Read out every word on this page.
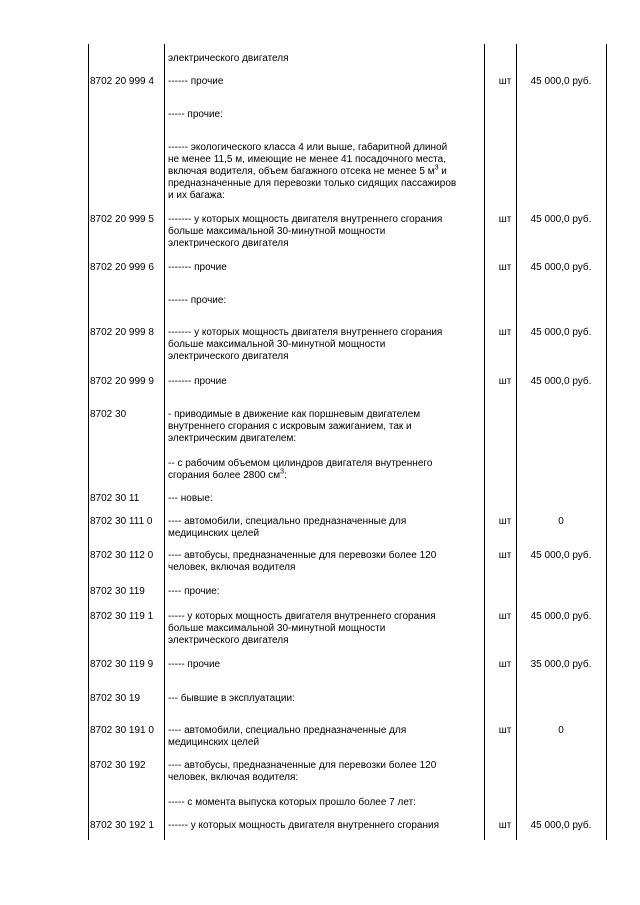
электрического двигателя
8702 20 999 4	------ прочие	шт	45 000,0 руб.
----- прочие:
------ экологического класса 4 или выше, габаритной длиной
не менее 11,5 м, имеющие не менее 41 посадочного места,
включая водителя, объем багажного отсека не менее 5 $м^3$ и
предназначенные для перевозки только сидящих пассажиров
и их багажа:
8702 20 999 5	------- у которых мощность двигателя внутреннего сгорания
больше максимальной 30-минутной мощности
электрического двигателя
шт	45 000,0 руб.
8702 20 999 6	------- прочие	шт	45 000,0 руб.
------ прочие:
8702 20 999 8	------- у которых мощность двигателя внутреннего сгорания
больше максимальной 30-минутной мощности
электрического двигателя
шт	45 000,0 руб.
8702 20 999 9	------- прочие	шт	45 000,0 руб.
8702 30	- приводимые в движение как поршневым двигателем
внутреннего сгорания с искровым зажиганием, так и
электрическим двигателем:
-- с рабочим объемом цилиндров двигателя внутреннего
сгорания более 2800 $см^3$:
8702 30 11	--- новые:
8702 30 111 0	---- автомобили, специально предназначенные для
медицинских целей
шт	0
8702 30 112 0	---- автобусы, предназначенные для перевозки более 120
человек, включая водителя
шт	45 000,0 руб.
8702 30 119	---- прочие:
8702 30 119 1	----- у которых мощность двигателя внутреннего сгорания
больше максимальной 30-минутной мощности
электрического двигателя
шт	45 000,0 руб.
8702 30 119 9	----- прочие	шт	35 000,0 руб.
8702 30 19	--- бывшие в эксплуатации:
8702 30 191 0	---- автомобили, специально предназначенные для
медицинских целей
шт	0
8702 30 192	---- автобусы, предназначенные для перевозки более 120
человек, включая водителя:
----- с момента выпуска которых прошло более 7 лет:
8702 30 192 1	------ у которых мощность двигателя внутреннего сгорания	шт	45 000,0 руб.
